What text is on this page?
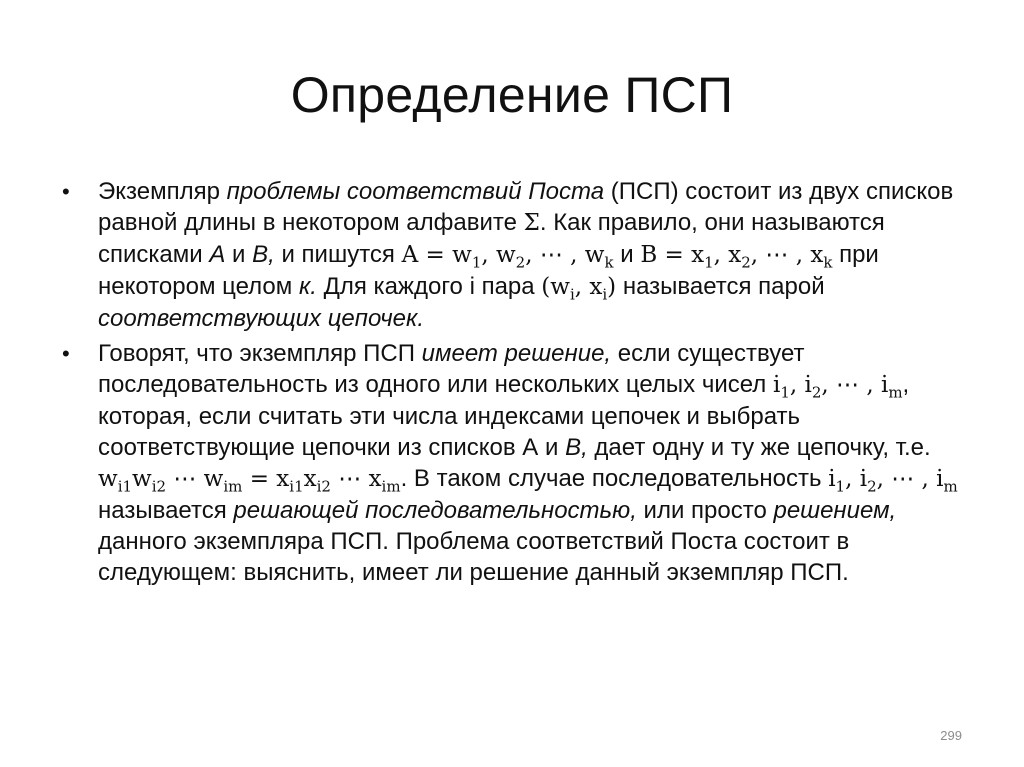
Определение ПСП
• Экземпляр проблемы соответствий Поста (ПСП) состоит из двух списков равной длины в некотором алфавите Σ. Как правило, они называются списками A и B, и пишутся $A = w_1$, $w_2$, ⋯ , $w_k$ и $B = x_1$, $x_2$, ⋯ , $x_k$ при некотором целом к. Для каждого i пара ($w_i$, $x_i$) называется парой соответствующих цепочек.
• Говорят, что экземпляр ПСП имеет решение, если существует последовательность из одного или нескольких целых чисел $i_1$, $i_2$, ⋯ , $i_m$, которая, если считать эти числа индексами цепочек и выбрать соответствующие цепочки из списков А и B, дает одну и ту же цепочку, т.е. $w_{i1}w_{i2}$ ⋯ $w_{im} = x_{i1}x_{i2}$ ⋯ $x_{im}$. В таком случае последовательность $i_1$, $i_2$, ⋯ , $i_m$ называется решающей последовательностью, или просто решением, данного экземпляра ПСП. Проблема соответствий Поста состоит в следующем: выяснить, имеет ли решение данный экземпляр ПСП.
299
